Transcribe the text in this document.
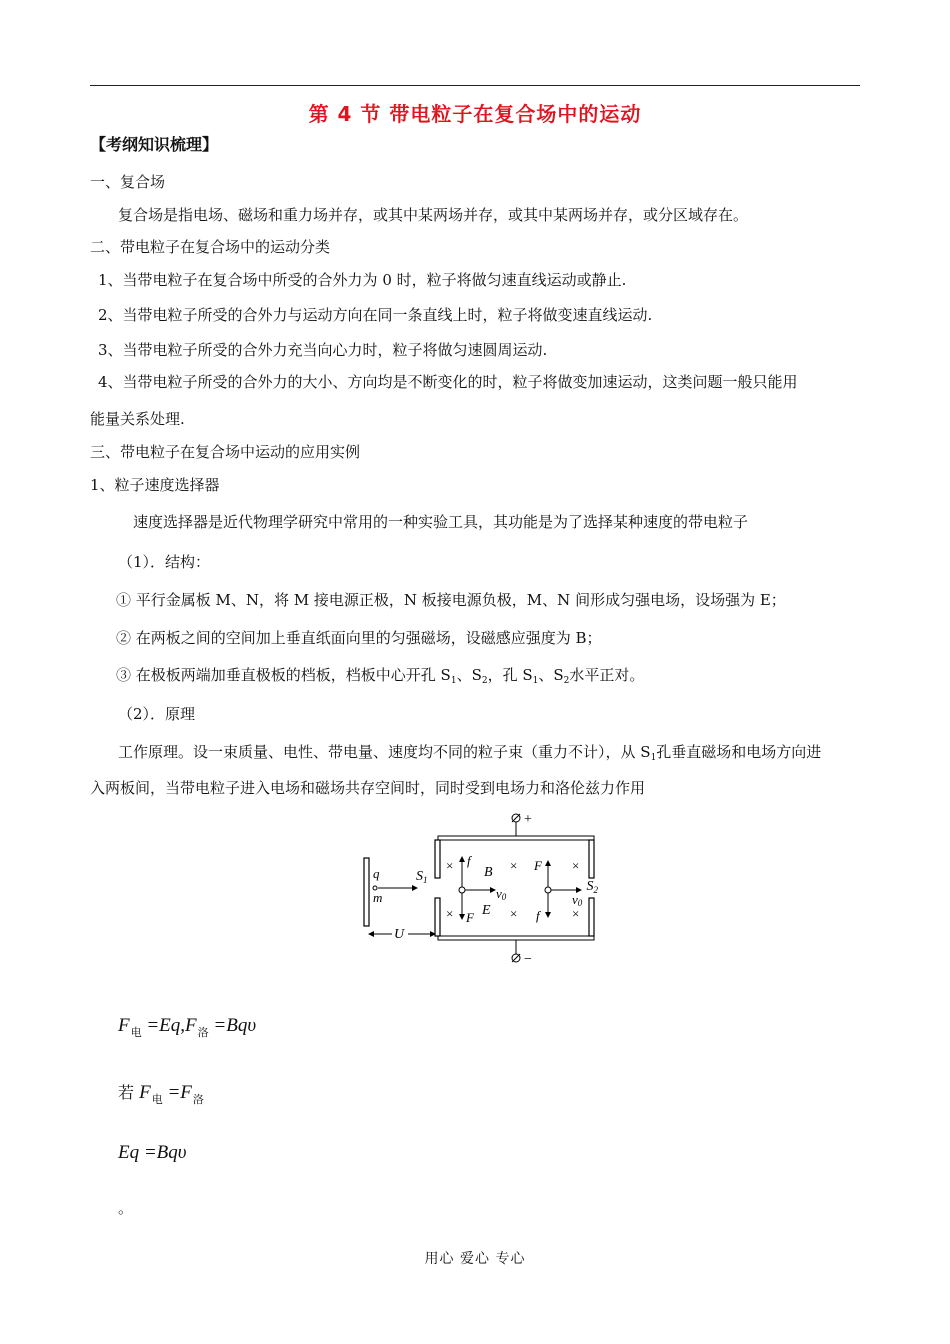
第 4 节 带电粒子在复合场中的运动
【考纲知识梳理】
一、复合场
复合场是指电场、磁场和重力场并存，或其中某两场并存，或其中某两场并存，或分区域存在。
二、带电粒子在复合场中的运动分类
1、当带电粒子在复合场中所受的合外力为 0 时，粒子将做匀速直线运动或静止.
2、当带电粒子所受的合外力与运动方向在同一条直线上时，粒子将做变速直线运动.
3、当带电粒子所受的合外力充当向心力时，粒子将做匀速圆周运动.
4、当带电粒子所受的合外力的大小、方向均是不断变化的时，粒子将做变加速运动，这类问题一般只能用
能量关系处理.
三、带电粒子在复合场中运动的应用实例
1、粒子速度选择器
速度选择器是近代物理学研究中常用的一种实验工具，其功能是为了选择某种速度的带电粒子
（1）．结构：
① 平行金属板 M、N，将 M 接电源正极，N 板接电源负极，M、N 间形成匀强电场，设场强为 E；
② 在两板之间的空间加上垂直纸面向里的匀强磁场，设磁感应强度为 B；
③ 在极板两端加垂直极板的档板，档板中心开孔 $S_1$、$S_2$，孔 $S_1$、$S_2$水平正对。
（2）．原理
工作原理。设一束质量、电性、带电量、速度均不同的粒子束（重力不计），从 $S_1$孔垂直磁场和电场方向进
入两板间，当带电粒子进入电场和磁场共存空间时，同时受到电场力和洛伦兹力作用
+
−
q
m
$S_1$	$S_2$
×	×	×
×	×	×
f
F
v0
B
E
F
f
v0
U
$F_电 =Eq,F_洛 =Bq\upsilon$
若 $F_电 =F_洛$
Eq =Bqυ
。
用心 爱心 专心
